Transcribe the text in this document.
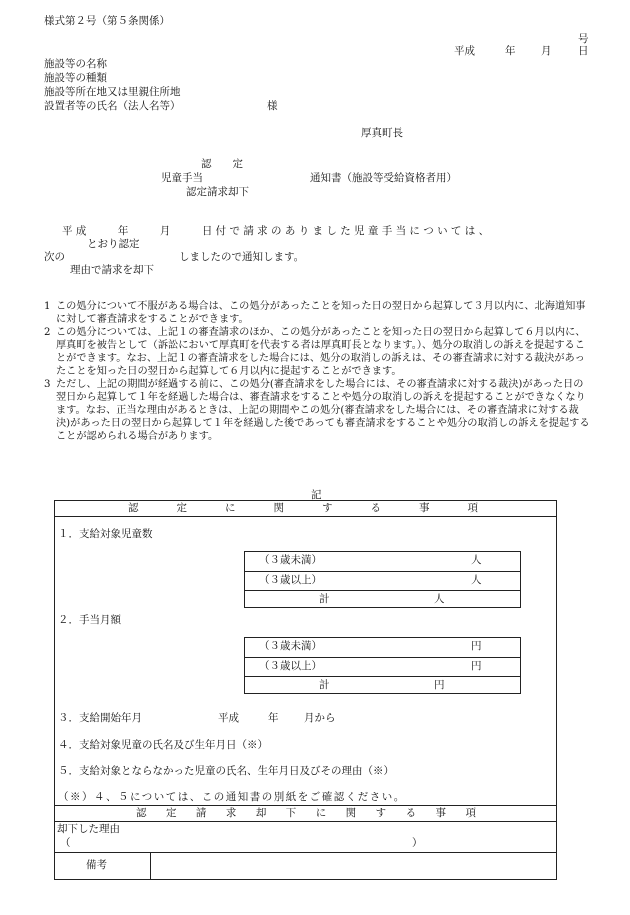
様式第２号（第５条関係）
号
平成	年 月	日
施設等の名称
施設等の種類
施設等所在地又は里親住所地
設置者等の氏名（法人名等）	様
厚真町長
認　　定
児童手当	通知書（施設等受給資格者用）
認定請求却下
平 成　　　年　　　月　　　日 付 で 請 求 の あ り ま し た 児 童 手 当 に つ い て は 、
とおり認定
次の	しましたので通知します。
理由で請求を却下
1 この処分について不服がある場合は、この処分があったことを知った日の翌日から起算して３月以内に、北海道知事に対して審査請求をすることができます。
2 この処分については、上記１の審査請求のほか、この処分があったことを知った日の翌日から起算して６月以内に、厚真町を被告として（訴訟において厚真町を代表する者は厚真町長となります。）、処分の取消しの訴えを提起することができます。なお、上記１の審査請求をした場合には、処分の取消しの訴えは、その審査請求に対する裁決があったことを知った日の翌日から起算して６月以内に提起することができます。
3 ただし、上記の期間が経過する前に、この処分(審査請求をした場合には、その審査請求に対する裁決)があった日の翌日から起算して１年を経過した場合は、審査請求をすることや処分の取消しの訴えを提起することができなくなります。なお、正当な理由があるときは、上記の期間やこの処分(審査請求をした場合には、その審査請求に対する裁決)があった日の翌日から起算して１年を経過した後であっても審査請求をすることや処分の取消しの訴えを提起することが認められる場合があります。
記
認	定	に	関	す	る	事	項
１．支給対象児童数
（３歳未満）	人
（３歳以上）	人
計	人
２．手当月額
（３歳未満）	円
（３歳以上）	円
計	円
３．支給開始年月	平成	年 月から
４．支給対象児童の氏名及び生年月日（※）
５．支給対象とならなかった児童の氏名、生年月日及びその理由（※）
（※）４、５については、この通知書の別紙をご確認ください。
認 定 請 求 却 下 に 関 す る 事 項
却下した理由
（	）
備考
